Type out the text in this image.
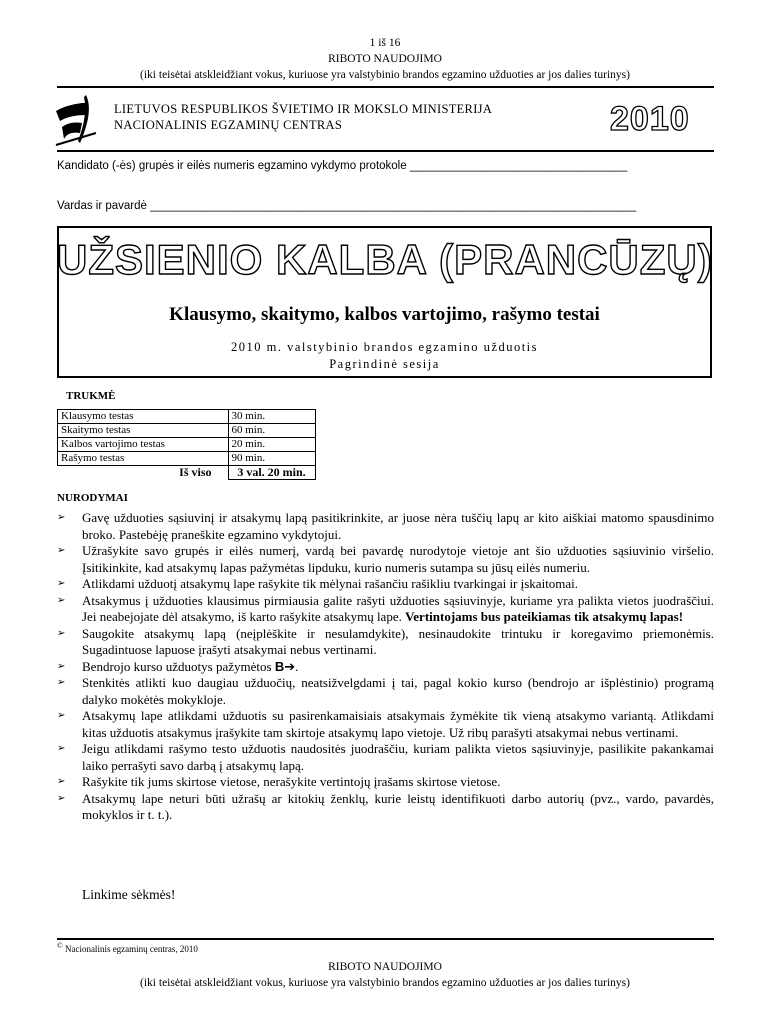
1 iš 16
RIBOTO NAUDOJIMO
(iki teisėtai atskleidžiant vokus, kuriuose yra valstybinio brandos egzamino užduoties ar jos dalies turinys)
LIETUVOS RESPUBLIKOS ŠVIETIMO IR MOKSLO MINISTERIJA
NACIONALINIS EGZAMINŲ CENTRAS	2010
Kandidato (-ės) grupės ir eilės numeris egzamino vykdymo protokole __________________________________
Vardas ir pavardė ____________________________________________________________________________
UŽSIENIO KALBA (PRANCŪZŲ)
Klausymo, skaitymo, kalbos vartojimo, rašymo testai
2010 m. valstybinio brandos egzamino užduotis
Pagrindinė sesija
TRUKMĖ
Klausymo testas	30 min.
Skaitymo testas	60 min.
Kalbos vartojimo testas	20 min.
Rašymo testas	90 min.
Iš viso	3 val. 20 min.
NURODYMAI
➢ Gavę užduoties sąsiuvinį ir atsakymų lapą pasitikrinkite, ar juose nėra tuščių lapų ar kito aiškiai matomo spausdinimo broko. Pastebėję praneškite egzamino vykdytojui.
➢ Užrašykite savo grupės ir eilės numerį, vardą bei pavardę nurodytoje vietoje ant šio užduoties sąsiuvinio viršelio. Įsitikinkite, kad atsakymų lapas pažymėtas lipduku, kurio numeris sutampa su jūsų eilės numeriu.
➢ Atlikdami užduotį atsakymų lape rašykite tik mėlynai rašančiu rašikliu tvarkingai ir įskaitomai.
➢ Atsakymus į užduoties klausimus pirmiausia galite rašyti užduoties sąsiuvinyje, kuriame yra palikta vietos juodraščiui. Jei neabejojate dėl atsakymo, iš karto rašykite atsakymų lape. Vertintojams bus pateikiamas tik atsakymų lapas!
➢ Saugokite atsakymų lapą (neįplėškite ir nesulamdykite), nesinaudokite trintuku ir koregavimo priemonėmis. Sugadintuose lapuose įrašyti atsakymai nebus vertinami.
➢ Bendrojo kurso užduotys pažymėtos B➔.
➢ Stenkitės atlikti kuo daugiau užduočių, neatsižvelgdami į tai, pagal kokio kurso (bendrojo ar išplėstinio) programą dalyko mokėtės mokykloje.
➢ Atsakymų lape atlikdami užduotis su pasirenkamaisiais atsakymais žymėkite tik vieną atsakymo variantą. Atlikdami kitas užduotis atsakymus įrašykite tam skirtoje atsakymų lapo vietoje. Už ribų parašyti atsakymai nebus vertinami.
➢ Jeigu atlikdami rašymo testo užduotis naudositės juodraščiu, kuriam palikta vietos sąsiuvinyje, pasilikite pakankamai laiko perrašyti savo darbą į atsakymų lapą.
➢ Rašykite tik jums skirtose vietose, nerašykite vertintojų įrašams skirtose vietose.
➢ Atsakymų lape neturi būti užrašų ar kitokių ženklų, kurie leistų identifikuoti darbo autorių (pvz., vardo, pavardės, mokyklos ir t. t.).
Linkime sėkmės!
© Nacionalinis egzaminų centras, 2010
RIBOTO NAUDOJIMO
(iki teisėtai atskleidžiant vokus, kuriuose yra valstybinio brandos egzamino užduoties ar jos dalies turinys)
